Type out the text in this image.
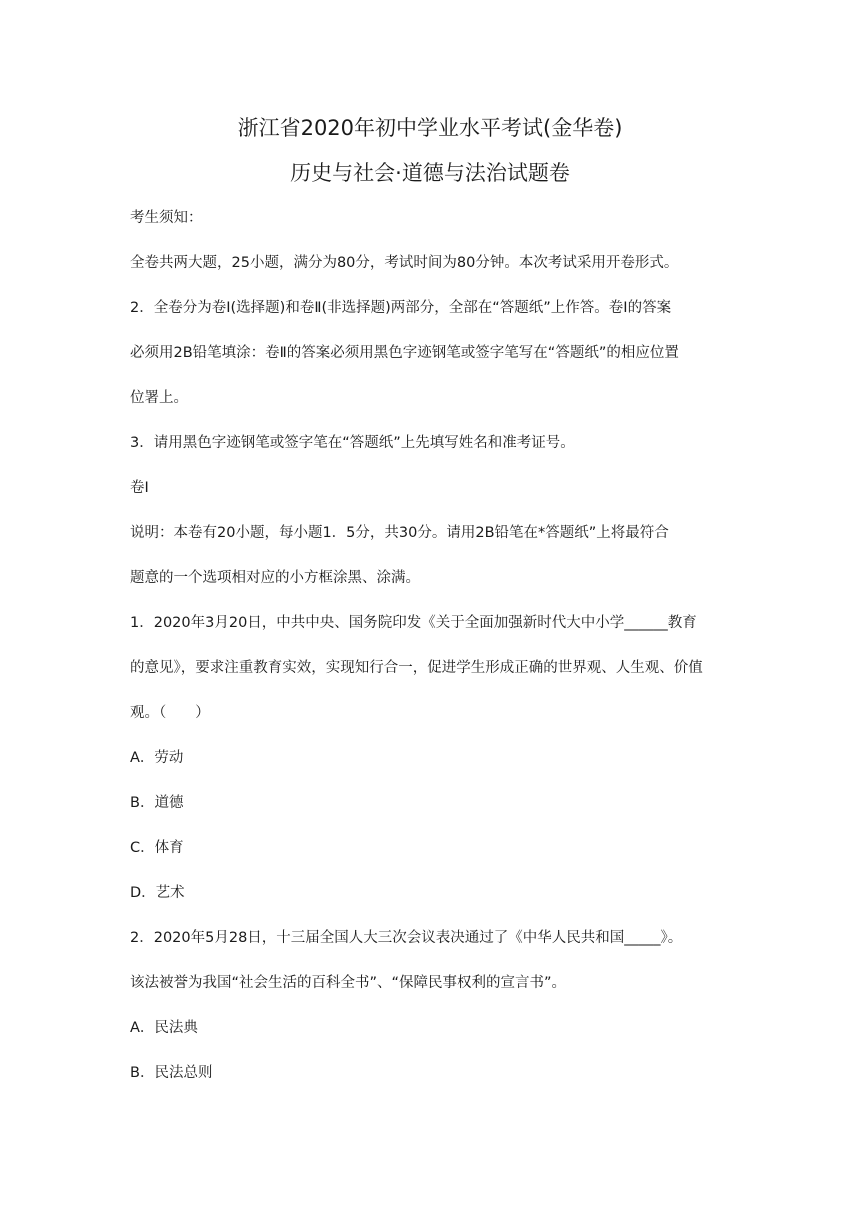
浙江省2020年初中学业水平考试(金华卷)
历史与社会·道德与法治试题卷
考生须知：
全卷共两大题，25小题，满分为80分，考试时间为80分钟。本次考试采用开卷形式。
2．全卷分为卷Ⅰ(选择题)和卷Ⅱ(非选择题)两部分，全部在“答题纸”上作答。卷Ⅰ的答案
必须用2B铅笔填涂：卷Ⅱ的答案必须用黑色字迹钢笔或签字笔写在“答题纸”的相应位置
位署上。
3．请用黑色字迹钢笔或签字笔在“答题纸”上先填写姓名和准考证号。
卷Ⅰ
说明：本卷有20小题，每小题1．5分，共30分。请用2B铅笔在*答题纸”上将最符合
题意的一个选项相对应的小方框涂黑、涂满。
1．2020年3月20日，中共中央、国务院印发《关于全面加强新时代大中小学______教育
的意见》，要求注重教育实效，实现知行合一，促进学生形成正确的世界观、人生观、价值
观。（　　）
A．劳动
B．道德
C．体育
D．艺术
2．2020年5月28日，十三届全国人大三次会议表决通过了《中华人民共和国_____》。
该法被誉为我国“社会生活的百科全书”、“保障民事权利的宣言书”。
A．民法典
B．民法总则
